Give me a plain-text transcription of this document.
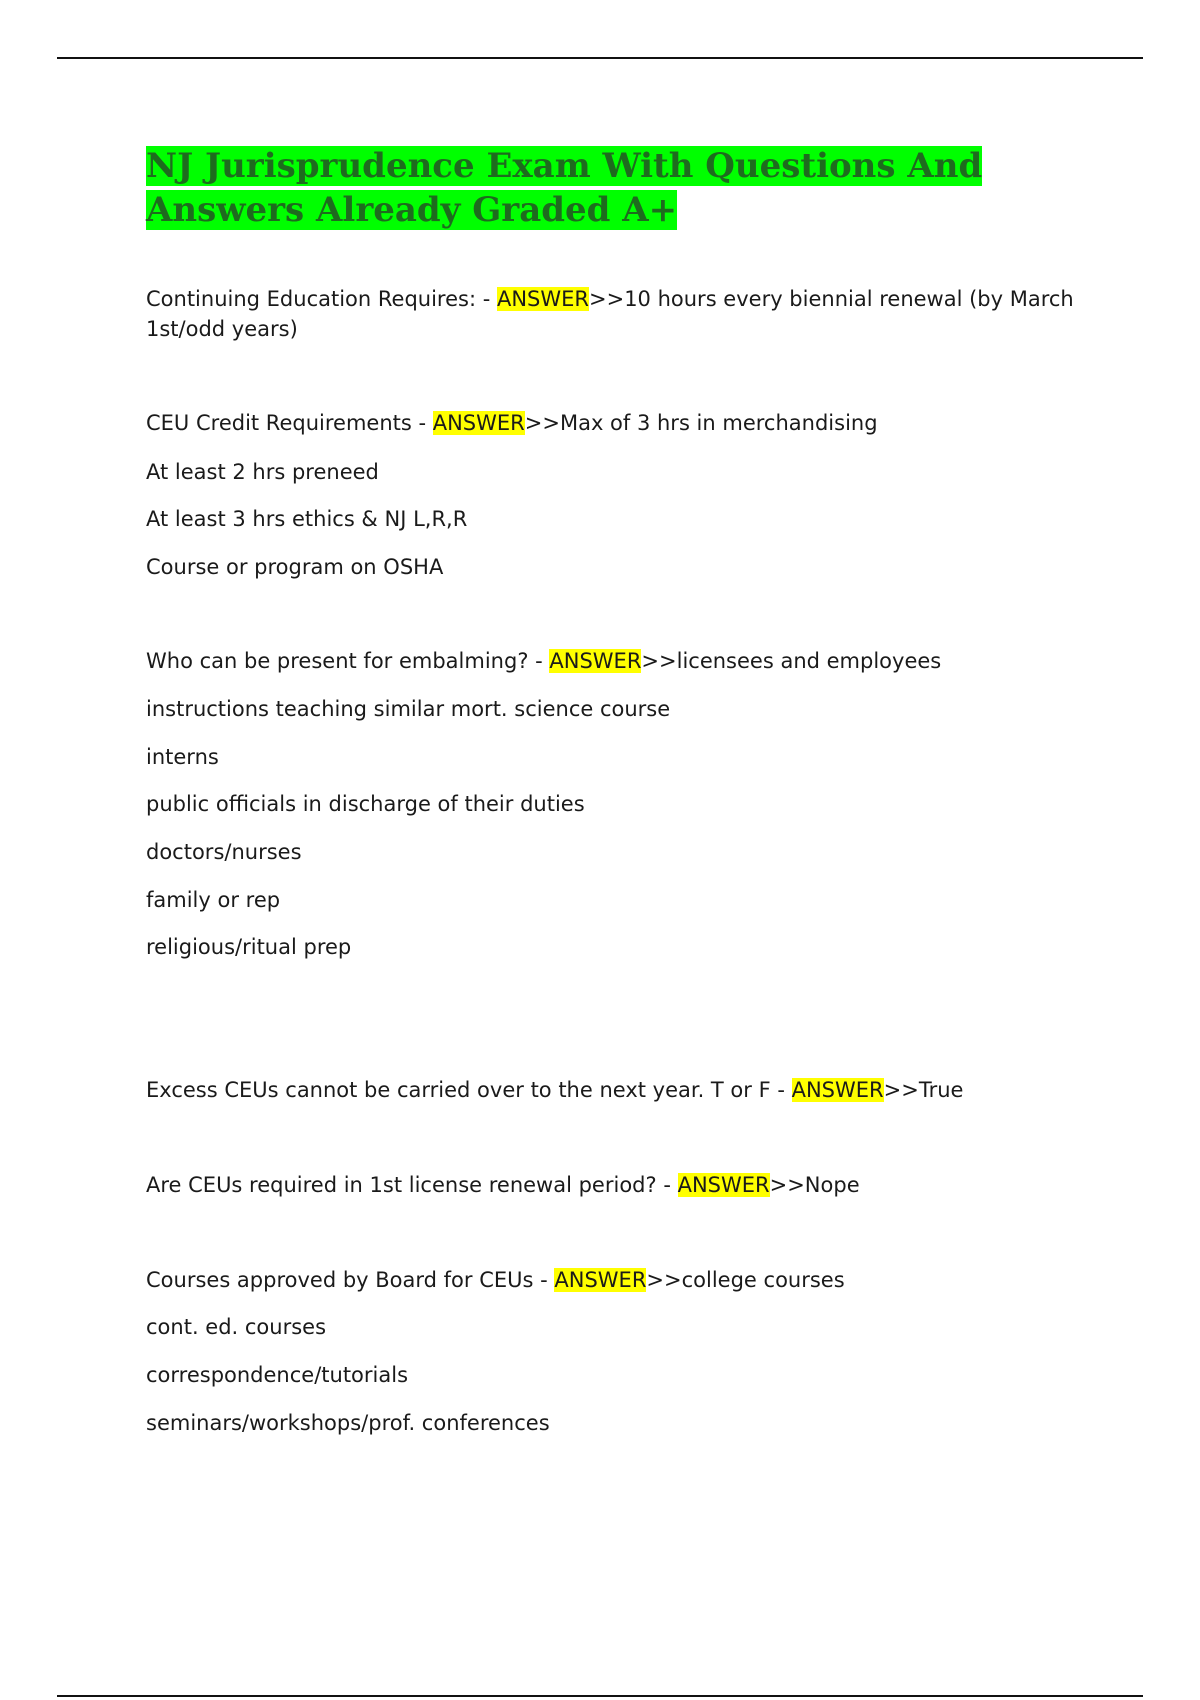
NJ Jurisprudence Exam With Questions And Answers Already Graded A+
Continuing Education Requires: - ANSWER>>10 hours every biennial renewal (by March 1st/odd years)
CEU Credit Requirements - ANSWER>>Max of 3 hrs in merchandising
At least 2 hrs preneed
At least 3 hrs ethics & NJ L,R,R
Course or program on OSHA
Who can be present for embalming? - ANSWER>>licensees and employees
instructions teaching similar mort. science course
interns
public officials in discharge of their duties
doctors/nurses
family or rep
religious/ritual prep
Excess CEUs cannot be carried over to the next year. T or F - ANSWER>>True
Are CEUs required in 1st license renewal period? - ANSWER>>Nope
Courses approved by Board for CEUs - ANSWER>>college courses
cont. ed. courses
correspondence/tutorials
seminars/workshops/prof. conferences
